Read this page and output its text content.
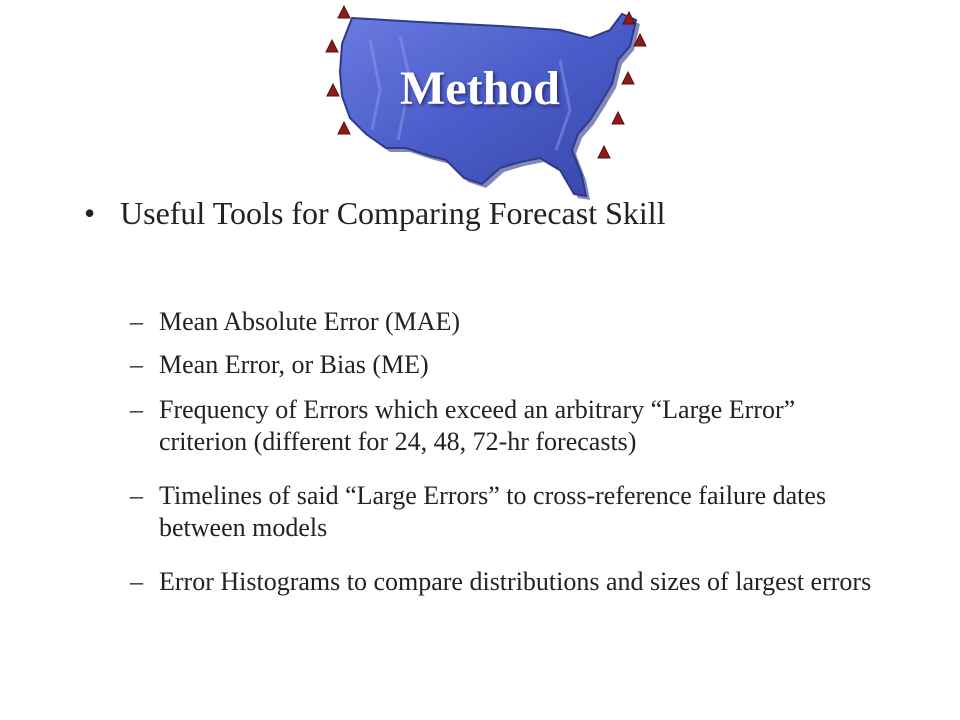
Method
• Useful Tools for Comparing Forecast Skill
– Mean Absolute Error (MAE)
– Mean Error, or Bias (ME)
– Frequency of Errors which exceed an arbitrary “Large Error” criterion (different for 24, 48, 72-hr forecasts)
– Timelines of said “Large Errors” to cross-reference failure dates between models
– Error Histograms to compare distributions and sizes of largest errors
